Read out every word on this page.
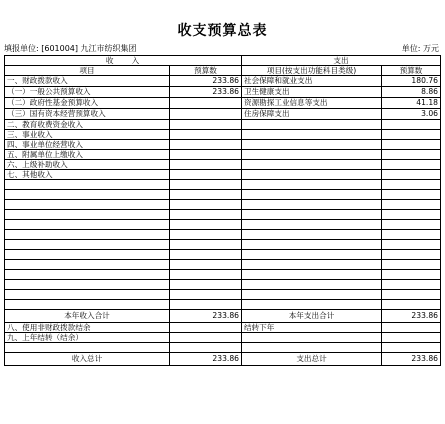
收支预算总表
填报单位: [601004] 九江市纺织集团	单位: 万元
收　　入		支出	
项目	预算数	项目(按支出功能科目类级)	预算数
一、财政拨款收入	233.86	社会保障和就业支出	180.76
（一）一般公共预算收入	233.86	卫生健康支出	8.86
（二）政府性基金预算收入		资源勘探工业信息等支出	41.18
（三）国有资本经营预算收入		住房保障支出	3.06
二、教育收费资金收入			
三、事业收入			
四、事业单位经营收入			
五、附属单位上缴收入			
六、上级补助收入			
七、其他收入			

本年收入合计	233.86	本年支出合计	233.86
八、使用非财政拨款结余		结转下年	
九、上年结转（结余）			

收入总计	233.86	支出总计	233.86
